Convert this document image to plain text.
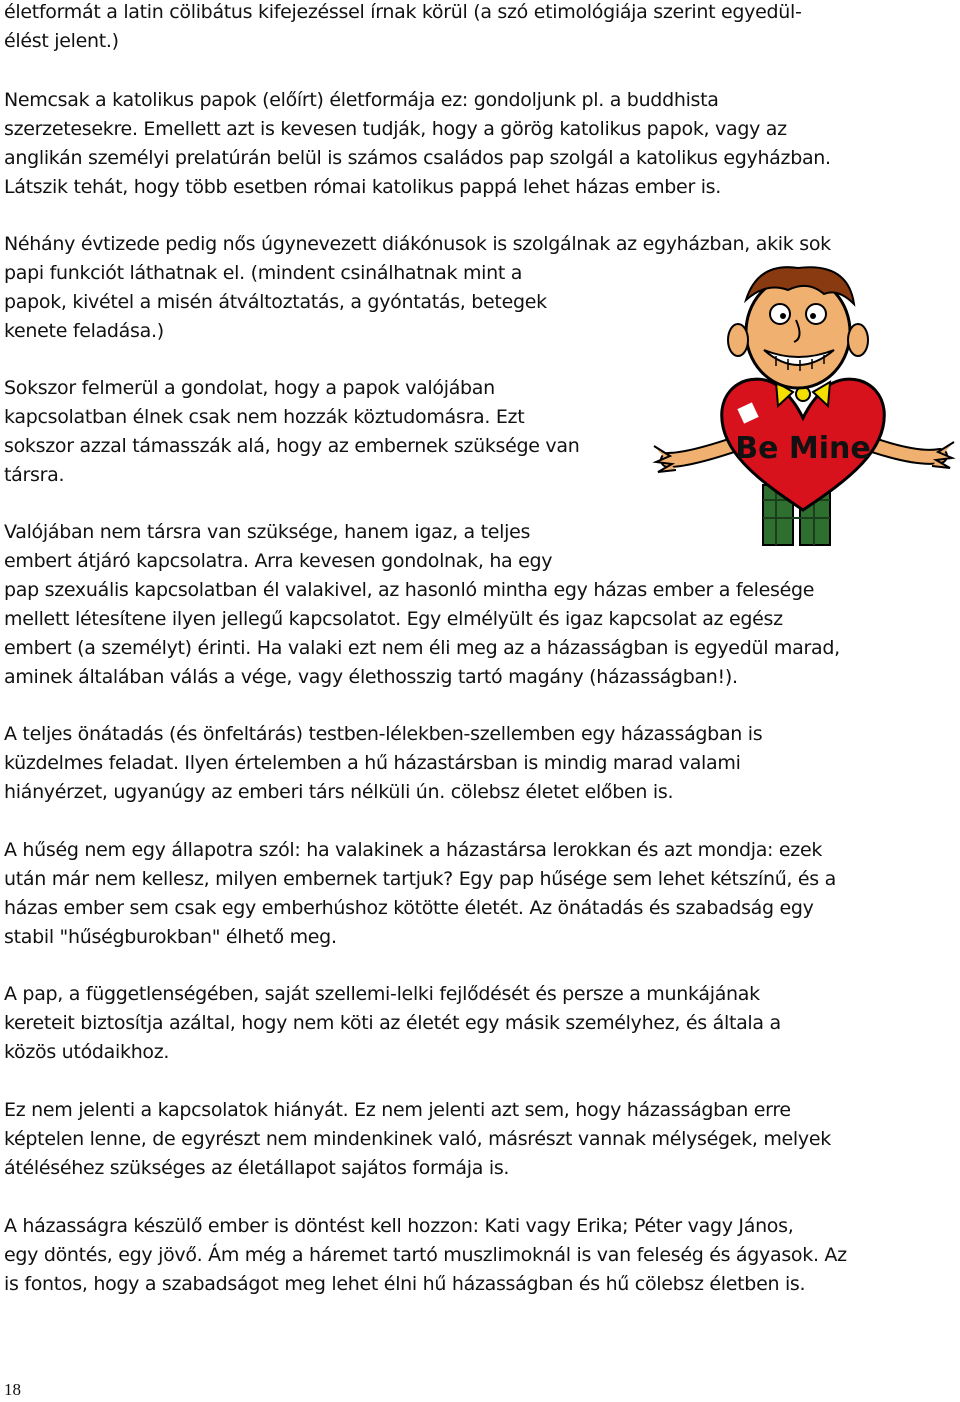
életformát a latin cölibátus kifejezéssel írnak körül (a szó etimológiája szerint egyedül-
élést jelent.)

Nemcsak a katolikus papok (előírt) életformája ez: gondoljunk pl. a buddhista
szerzetesekre. Emellett azt is kevesen tudják, hogy a görög katolikus papok, vagy az
anglikán személyi prelatúrán belül is számos családos pap szolgál a katolikus egyházban.
Látszik tehát, hogy több esetben római katolikus pappá lehet házas ember is.

Néhány évtizede pedig nős úgynevezett diákónusok is szolgálnak az egyházban, akik sok
papi funkciót láthatnak el. (mindent csinálhatnak mint a
papok, kivétel a misén átváltoztatás, a gyóntatás, betegek
kenete feladása.)

Sokszor felmerül a gondolat, hogy a papok valójában
kapcsolatban élnek csak nem hozzák köztudomásra. Ezt
sokszor azzal támasszák alá, hogy az embernek szüksége van
társra.

Valójában nem társra van szüksége, hanem igaz, a teljes
embert átjáró kapcsolatra. Arra kevesen gondolnak, ha egy
pap szexuális kapcsolatban él valakivel, az hasonló mintha egy házas ember a felesége
mellett létesítene ilyen jellegű kapcsolatot. Egy elmélyült és igaz kapcsolat az egész
embert (a személyt) érinti. Ha valaki ezt nem éli meg az a házasságban is egyedül marad,
aminek általában válás a vége, vagy élethosszig tartó magány (házasságban!).

A teljes önátadás (és önfeltárás) testben-lélekben-szellemben egy házasságban is
küzdelmes feladat. Ilyen értelemben a hű házastársban is mindig marad valami
hiányérzet, ugyanúgy az emberi társ nélküli ún. cölebsz életet előben is.

A hűség nem egy állapotra szól: ha valakinek a házastársa lerokkan és azt mondja: ezek
után már nem kellesz, milyen embernek tartjuk? Egy pap hűsége sem lehet kétszínű, és a
házas ember sem csak egy emberhúshoz kötötte életét. Az önátadás és szabadság egy
stabil "hűségburokban" élhető meg.

A pap, a függetlenségében, saját szellemi-lelki fejlődését és persze a munkájának
kereteit biztosítja azáltal, hogy nem köti az életét egy másik személyhez, és általa a
közös utódaikhoz.

Ez nem jelenti a kapcsolatok hiányát. Ez nem jelenti azt sem, hogy házasságban erre
képtelen lenne, de egyrészt nem mindenkinek való, másrészt vannak mélységek, melyek
átéléséhez szükséges az életállapot sajátos formája is.

A házasságra készülő ember is döntést kell hozzon: Kati vagy Erika; Péter vagy János,
egy döntés, egy jövő. Ám még a háremet tartó muszlimoknál is van feleség és ágyasok. Az
is fontos, hogy a szabadságot meg lehet élni hű házasságban és hű cölebsz életben is.

Be Mine
18
